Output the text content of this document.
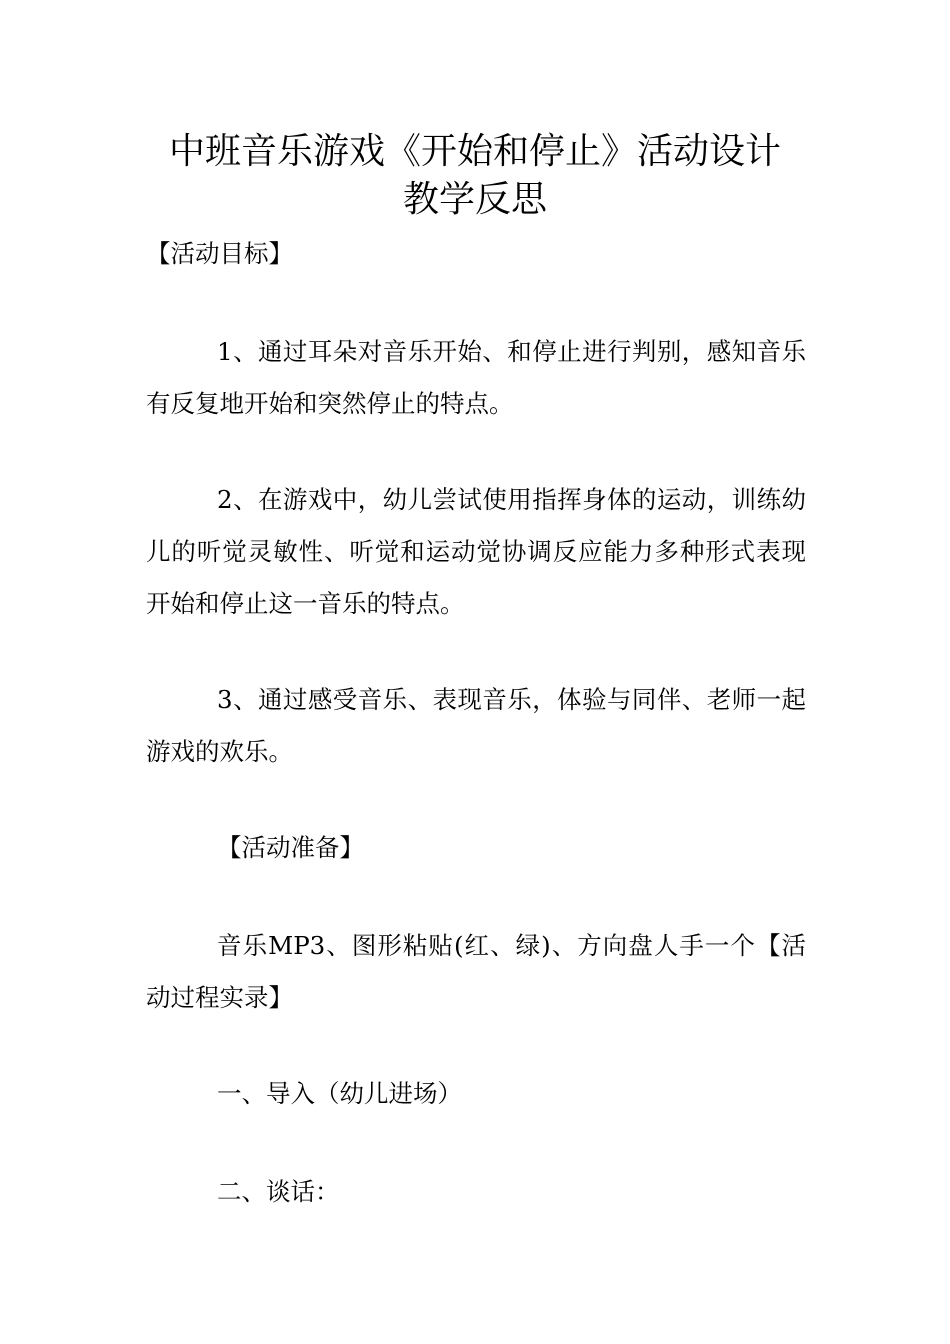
中班音乐游戏《开始和停止》活动设计
教学反思

【活动目标】

1、通过耳朵对音乐开始、和停止进行判别，感知音乐有反复地开始和突然停止的特点。

2、在游戏中，幼儿尝试使用指挥身体的运动，训练幼儿的听觉灵敏性、听觉和运动觉协调反应能力多种形式表现开始和停止这一音乐的特点。

3、通过感受音乐、表现音乐，体验与同伴、老师一起游戏的欢乐。

【活动准备】

音乐MP3、图形粘贴(红、绿)、方向盘人手一个【活动过程实录】

一、导入（幼儿进场）

二、谈话：
